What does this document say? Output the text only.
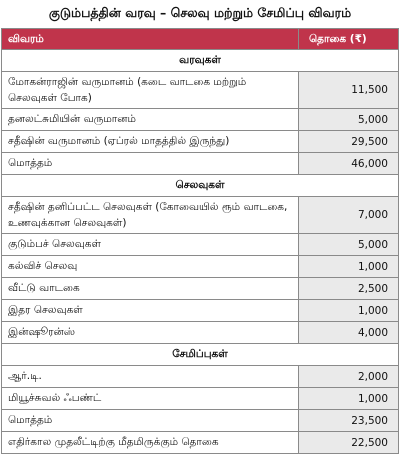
குடும்பத்தின் வரவு – செலவு மற்றும் சேமிப்பு விவரம்
விவரம்	தொகை (₹)
வரவுகள்	
மோகன்ராஜின் வருமானம் (கடை வாடகை மற்றும் செலவுகள் போக)	11,500
தனலட்சுமியின் வருமானம்	5,000
சதீஷின் வருமானம் (ஏப்ரல் மாதத்தில் இருந்து)	29,500
மொத்தம்	46,000
செலவுகள்	
சதீஷின் தனிப்பட்ட செலவுகள் (கோவையில் ரூம் வாடகை, உணவுக்கான செலவுகள்)	7,000
குடும்பச் செலவுகள்	5,000
கல்விச் செலவு	1,000
வீட்டு வாடகை	2,500
இதர செலவுகள்	1,000
இன்ஷூரன்ஸ்	4,000
சேமிப்புகள்	
ஆர்.டி.	2,000
மியூச்சுவல் ஃபண்ட்	1,000
மொத்தம்	23,500
எதிர்கால முதலீட்டிற்கு மீதமிருக்கும் தொகை	22,500
